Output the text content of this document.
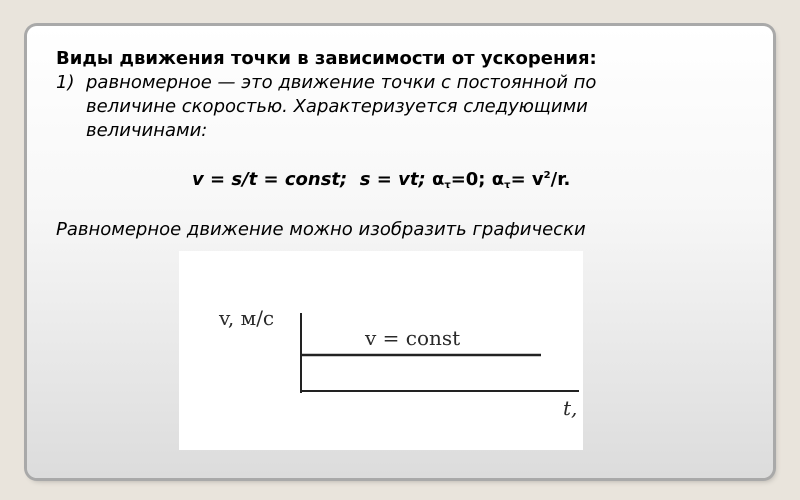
Виды движения точки в зависимости от ускорения:
1) равномерное — это движение точки с постоянной по
величине скоростью. Характеризуется следующими
величинами:
v = s/t = const; s = vt; $\alpha_\tau=0$; $\alpha_\tau= v^2/r$.
Равномерное движение можно изобразить графически
v, м/с
v = const
t,
